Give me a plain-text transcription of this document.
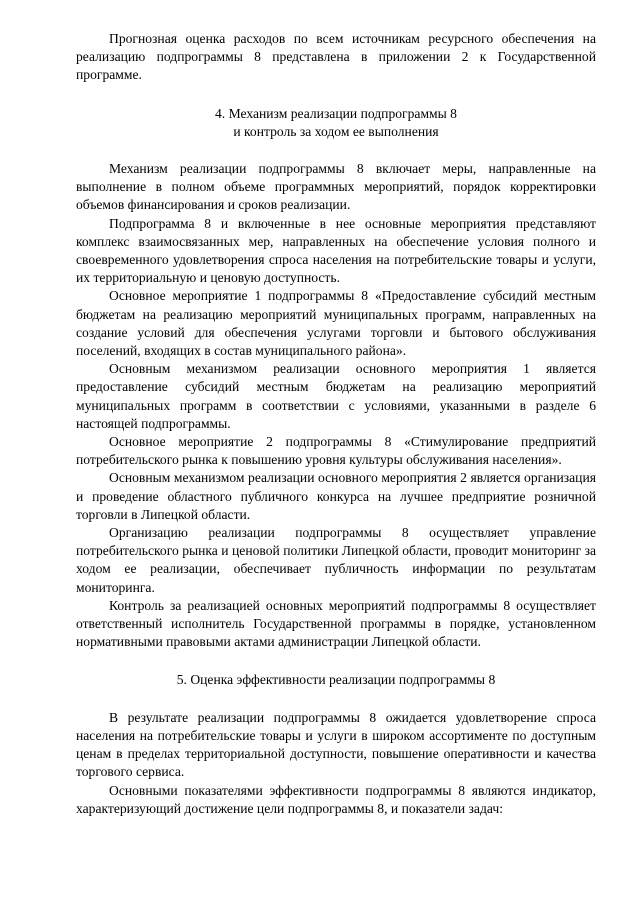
Прогнозная оценка расходов по всем источникам ресурсного обеспечения на реализацию подпрограммы 8 представлена в приложении 2 к Государственной программе.

4. Механизм реализации подпрограммы 8
и контроль за ходом ее выполнения

Механизм реализации подпрограммы 8 включает меры, направленные на выполнение в полном объеме программных мероприятий, порядок корректировки объемов финансирования и сроков реализации.

Подпрограмма 8 и включенные в нее основные мероприятия представляют комплекс взаимосвязанных мер, направленных на обеспечение условия полного и своевременного удовлетворения спроса населения на потребительские товары и услуги, их территориальную и ценовую доступность.

Основное мероприятие 1 подпрограммы 8 «Предоставление субсидий местным бюджетам на реализацию мероприятий муниципальных программ, направленных на создание условий для обеспечения услугами торговли и бытового обслуживания поселений, входящих в состав муниципального района».

Основным механизмом реализации основного мероприятия 1 является предоставление субсидий местным бюджетам на реализацию мероприятий муниципальных программ в соответствии с условиями, указанными в разделе 6 настоящей подпрограммы.

Основное мероприятие 2 подпрограммы 8 «Стимулирование предприятий потребительского рынка к повышению уровня культуры обслуживания населения».

Основным механизмом реализации основного мероприятия 2 является организация и проведение областного публичного конкурса на лучшее предприятие розничной торговли в Липецкой области.

Организацию реализации подпрограммы 8 осуществляет управление потребительского рынка и ценовой политики Липецкой области, проводит мониторинг за ходом ее реализации, обеспечивает публичность информации по результатам мониторинга.

Контроль за реализацией основных мероприятий подпрограммы 8 осуществляет ответственный исполнитель Государственной программы в порядке, установленном нормативными правовыми актами администрации Липецкой области.

5. Оценка эффективности реализации подпрограммы 8

В результате реализации подпрограммы 8 ожидается удовлетворение спроса населения на потребительские товары и услуги в широком ассортименте по доступным ценам в пределах территориальной доступности, повышение оперативности и качества торгового сервиса.

Основными показателями эффективности подпрограммы 8 являются индикатор, характеризующий достижение цели подпрограммы 8, и показатели задач:
